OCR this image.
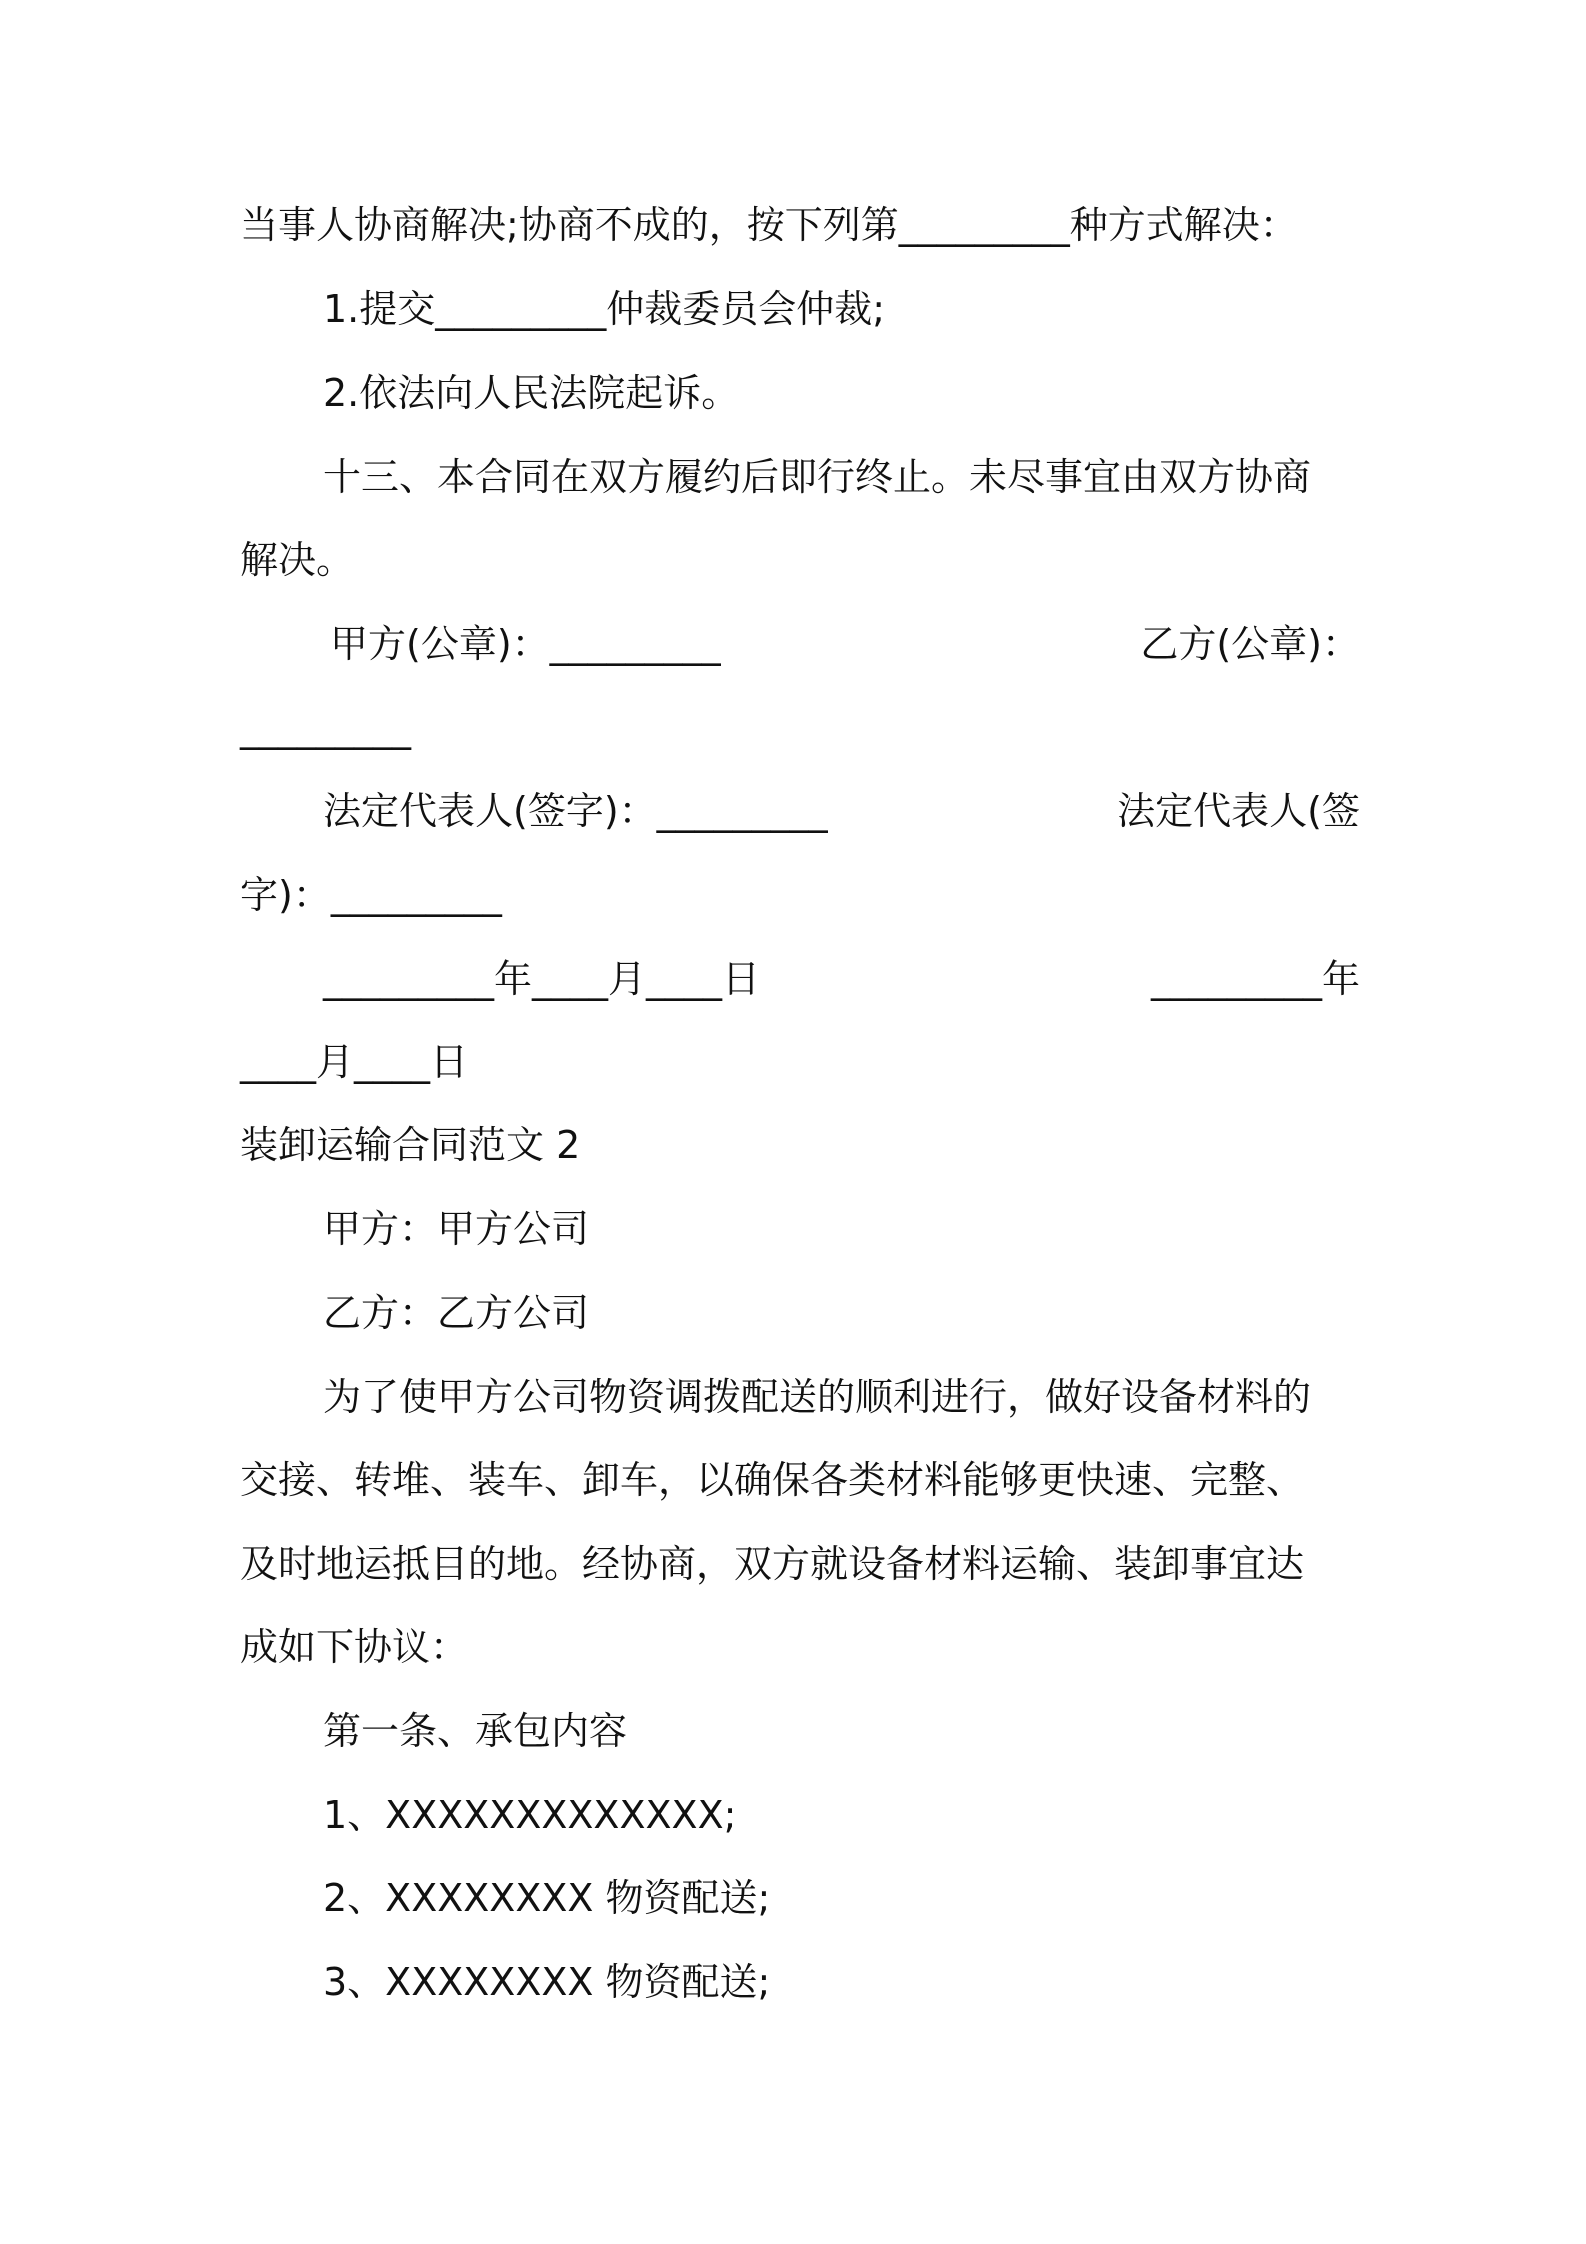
当事人协商解决;协商不成的，按下列第_________种方式解决：
1.提交_________仲裁委员会仲裁;
2.依法向人民法院起诉。
十三、本合同在双方履约后即行终止。未尽事宜由双方协商
解决。
甲方(公章)：_________	乙方(公章)：
_________
法定代表人(签字)：_________	法定代表人(签
字)：_________
_________年____月____日	_________年
____月____日
装卸运输合同范文 2
甲方：甲方公司
乙方：乙方公司
为了使甲方公司物资调拨配送的顺利进行，做好设备材料的
交接、转堆、装车、卸车，以确保各类材料能够更快速、完整、
及时地运抵目的地。经协商，双方就设备材料运输、装卸事宜达
成如下协议：
第一条、承包内容
1、XXXXXXXXXXXXX;
2、XXXXXXXX 物资配送;
3、XXXXXXXX 物资配送;
